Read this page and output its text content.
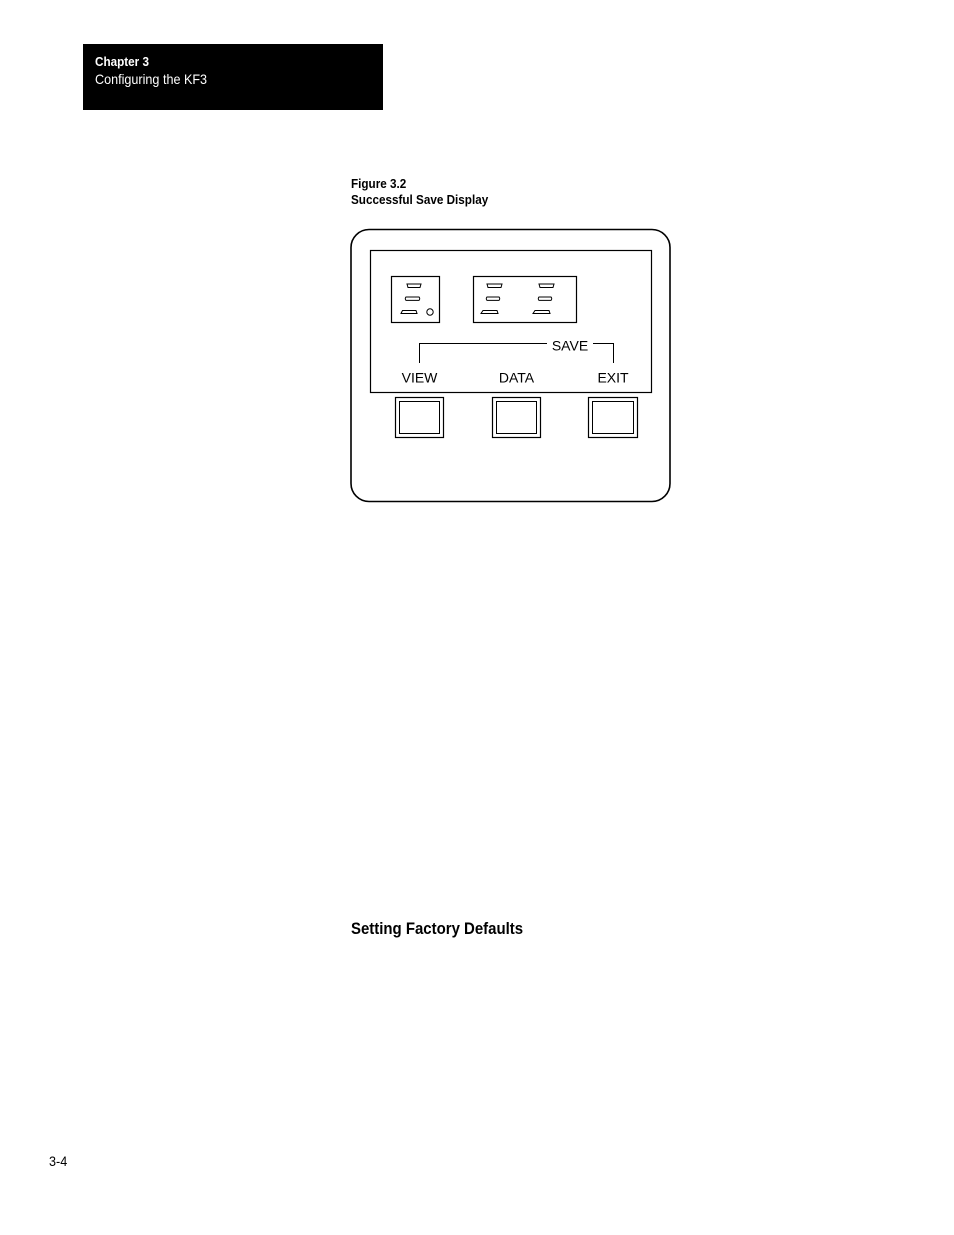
Chapter 3
Configuring the KF3
Figure 3.2
Successful Save Display
SAVE
VIEW	DATA	EXIT
Setting Factory Defaults
3-4
